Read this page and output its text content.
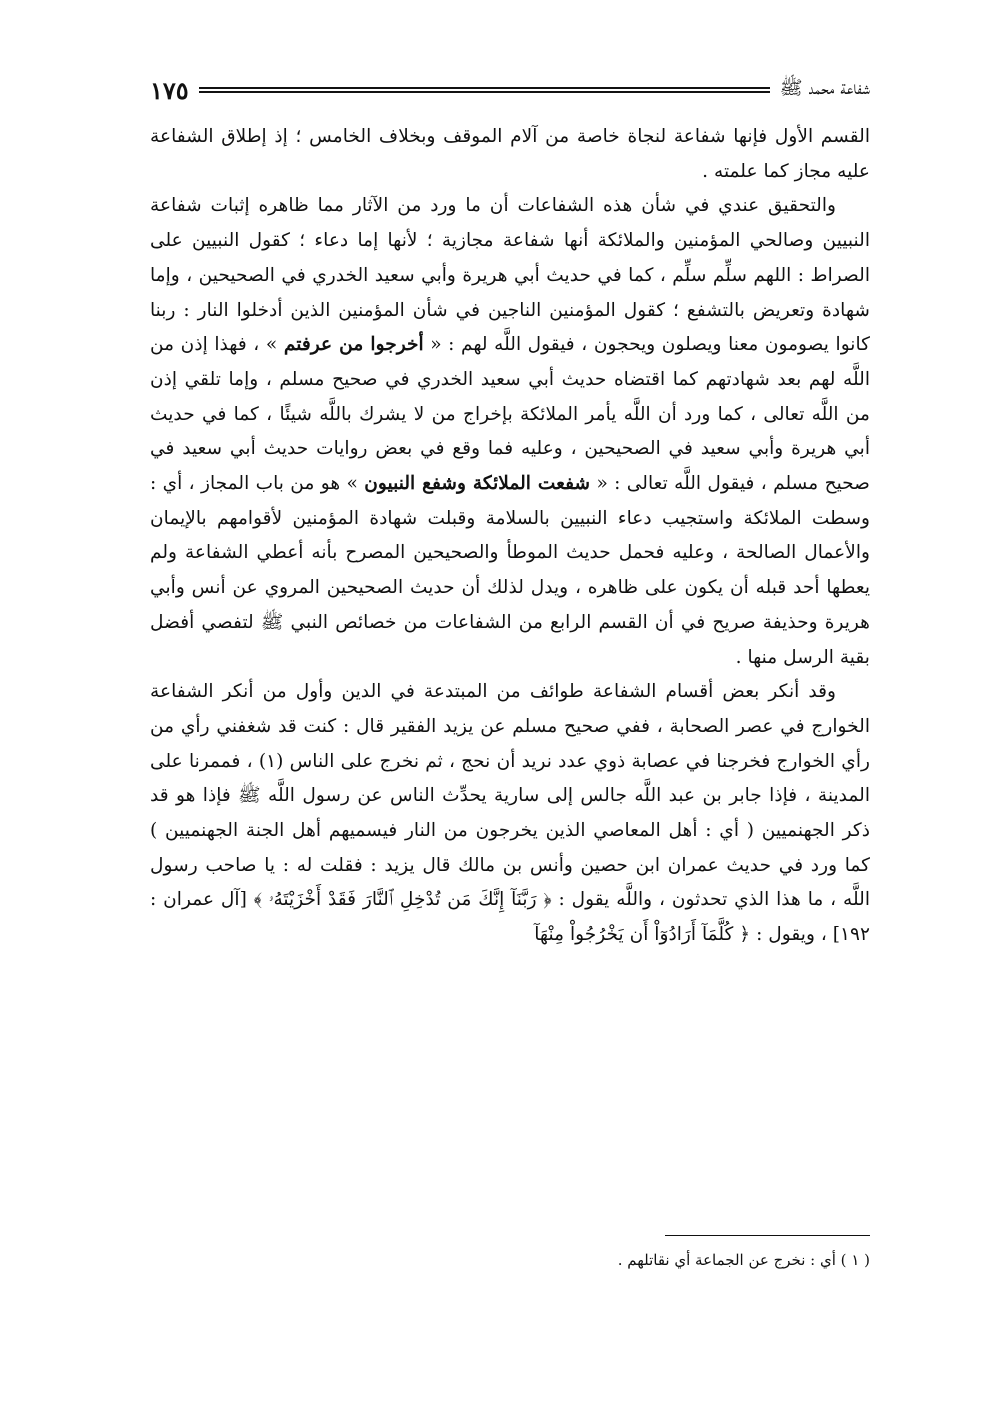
شفاعة محمد ﷺ
١٧٥

القسم الأول فإنها شفاعة لنجاة خاصة من آلام الموقف وبخلاف الخامس ؛ إذ إطلاق الشفاعة عليه مجاز كما علمته .

والتحقيق عندي في شأن هذه الشفاعات أن ما ورد من الآثار مما ظاهره إثبات شفاعة النبيين وصالحي المؤمنين والملائكة أنها شفاعة مجازية ؛ لأنها إما دعاء ؛ كقول النبيين على الصراط : اللهم سلِّم سلِّم ، كما في حديث أبي هريرة وأبي سعيد الخدري في الصحيحين ، وإما شهادة وتعريض بالتشفع ؛ كقول المؤمنين الناجين في شأن المؤمنين الذين أدخلوا النار : ربنا كانوا يصومون معنا ويصلون ويحجون ، فيقول اللَّه لهم : « أخرجوا من عرفتم » ، فهذا إذن من اللَّه لهم بعد شهادتهم كما اقتضاه حديث أبي سعيد الخدري في صحيح مسلم ، وإما تلقي إذن من اللَّه تعالى ، كما ورد أن اللَّه يأمر الملائكة بإخراج من لا يشرك باللَّه شيئًا ، كما في حديث أبي هريرة وأبي سعيد في الصحيحين ، وعليه فما وقع في بعض روايات حديث أبي سعيد في صحيح مسلم ، فيقول اللَّه تعالى : « شفعت الملائكة وشفع النبيون » هو من باب المجاز ، أي : وسطت الملائكة واستجيب دعاء النبيين بالسلامة وقبلت شهادة المؤمنين لأقوامهم بالإيمان والأعمال الصالحة ، وعليه فحمل حديث الموطأ والصحيحين المصرح بأنه أعطي الشفاعة ولم يعطها أحد قبله أن يكون على ظاهره ، ويدل لذلك أن حديث الصحيحين المروي عن أنس وأبي هريرة وحذيفة صريح في أن القسم الرابع من الشفاعات من خصائص النبي ﷺ لتفصي أفضل بقية الرسل منها .

وقد أنكر بعض أقسام الشفاعة طوائف من المبتدعة في الدين وأول من أنكر الشفاعة الخوارج في عصر الصحابة ، ففي صحيح مسلم عن يزيد الفقير قال : كنت قد شغفني رأي من رأي الخوارج فخرجنا في عصابة ذوي عدد نريد أن نحج ، ثم نخرج على الناس (١) ، فممرنا على المدينة ، فإذا جابر بن عبد اللَّه جالس إلى سارية يحدِّث الناس عن رسول اللَّه ﷺ فإذا هو قد ذكر الجهنميين ( أي : أهل المعاصي الذين يخرجون من النار فيسميهم أهل الجنة الجهنميين ) كما ورد في حديث عمران ابن حصين وأنس بن مالك قال يزيد : فقلت له : يا صاحب رسول اللَّه ، ما هذا الذي تحدثون ، واللَّه يقول : ﴿ رَبَّنَآ إِنَّكَ مَن تُدْخِلِ ٱلنَّارَ فَقَدْ أَخْزَيْتَهُۥ ﴾ [آل عمران : ١٩٢] ، ويقول : ﴿ كُلَّمَآ أَرَادُوٓاْ أَن يَخْرُجُواْ مِنْهَآ

( ١ ) أي : نخرج عن الجماعة أي نقاتلهم .
